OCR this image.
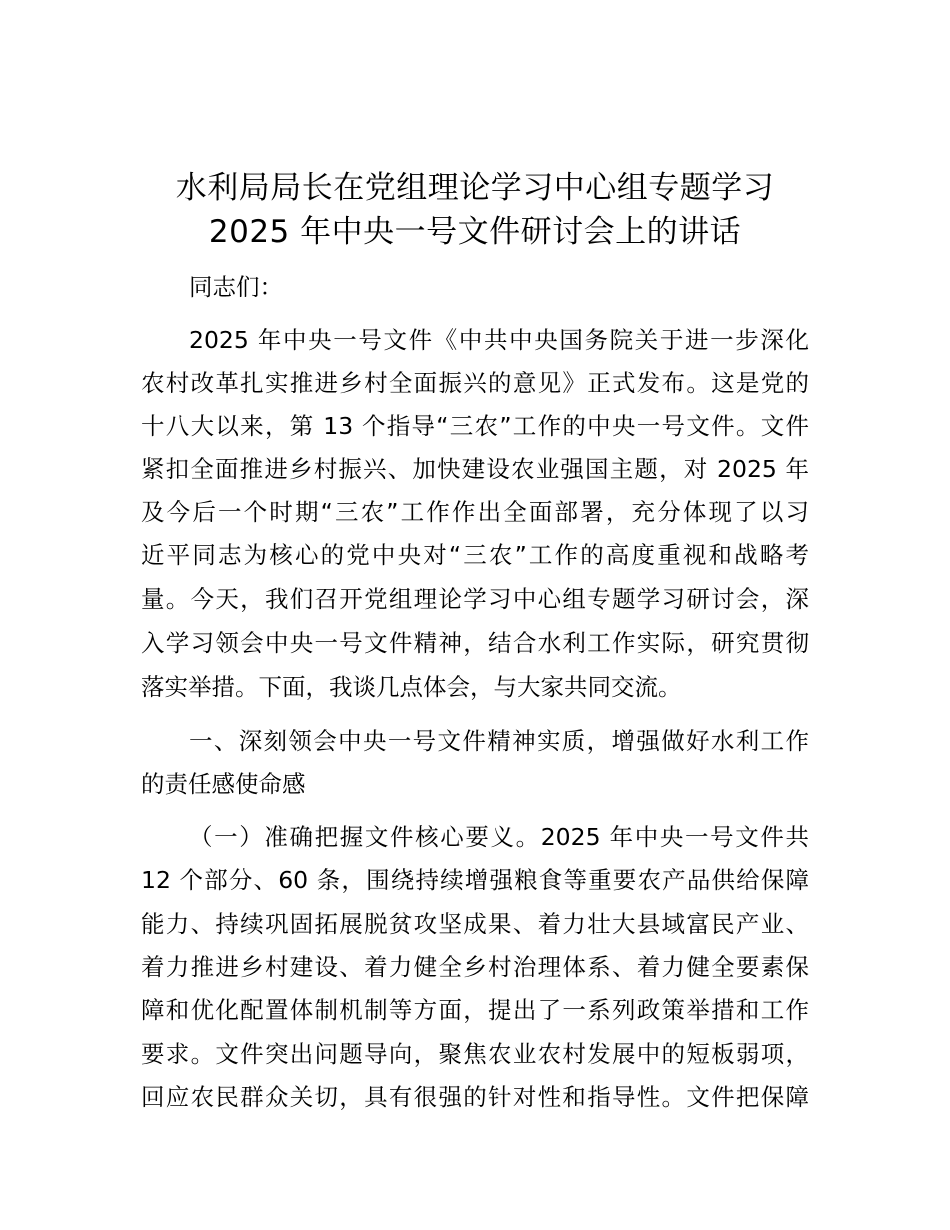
水利局局长在党组理论学习中心组专题学习
2025 年中央一号文件研讨会上的讲话
同志们：
2025 年中央一号文件《中共中央国务院关于进一步深化
农村改革扎实推进乡村全面振兴的意见》正式发布。这是党的
十八大以来，第 13 个指导“三农”工作的中央一号文件。文件
紧扣全面推进乡村振兴、加快建设农业强国主题，对 2025 年
及今后一个时期“三农”工作作出全面部署，充分体现了以习
近平同志为核心的党中央对“三农”工作的高度重视和战略考
量。今天，我们召开党组理论学习中心组专题学习研讨会，深
入学习领会中央一号文件精神，结合水利工作实际，研究贯彻
落实举措。下面，我谈几点体会，与大家共同交流。
一、深刻领会中央一号文件精神实质，增强做好水利工作
的责任感使命感
（一）准确把握文件核心要义。2025 年中央一号文件共
12 个部分、60 条，围绕持续增强粮食等重要农产品供给保障
能力、持续巩固拓展脱贫攻坚成果、着力壮大县域富民产业、
着力推进乡村建设、着力健全乡村治理体系、着力健全要素保
障和优化配置体制机制等方面，提出了一系列政策举措和工作
要求。文件突出问题导向，聚焦农业农村发展中的短板弱项，
回应农民群众关切，具有很强的针对性和指导性。文件把保障
